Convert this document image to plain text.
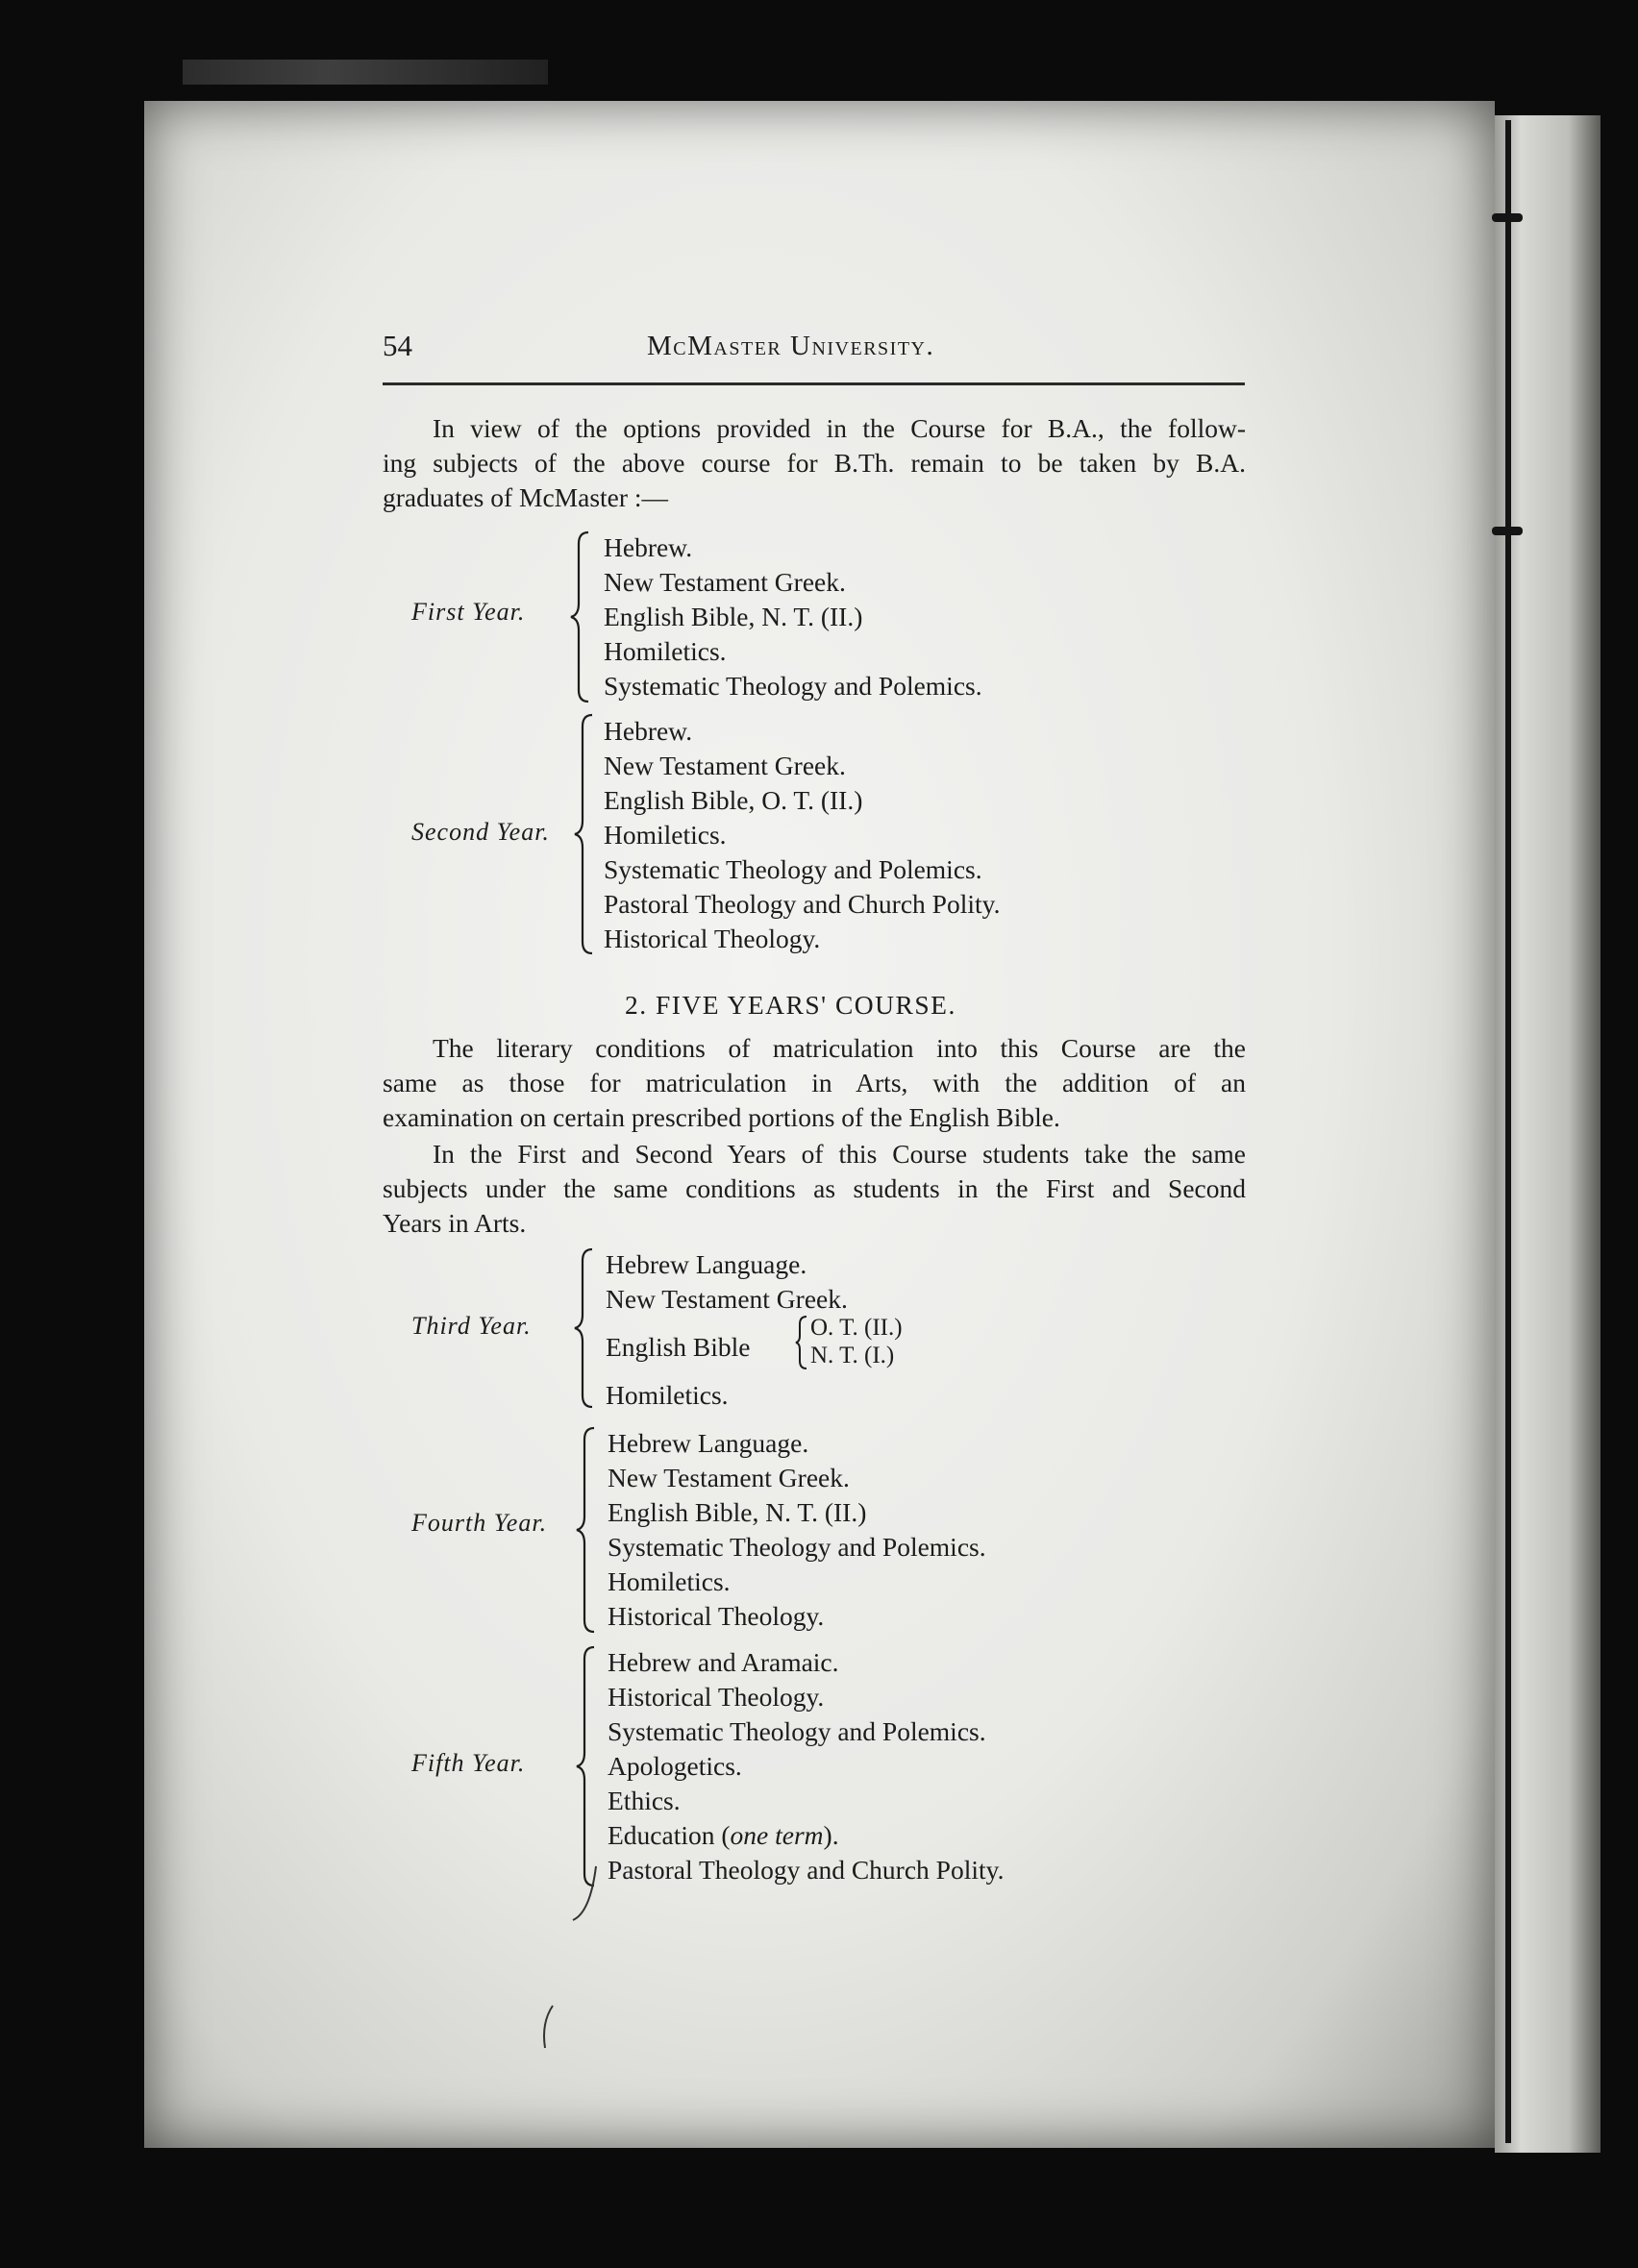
54	McMaster University.
In view of the options provided in the Course for B.A., the follow-
ing subjects of the above course for B.Th. remain to be taken by B.A.
graduates of McMaster :—
First Year.
Hebrew.
New Testament Greek.
English Bible, N. T. (II.)
Homiletics.
Systematic Theology and Polemics.
Second Year.
Hebrew.
New Testament Greek.
English Bible, O. T. (II.)
Homiletics.
Systematic Theology and Polemics.
Pastoral Theology and Church Polity.
Historical Theology.
2. FIVE YEARS' COURSE.
The literary conditions of matriculation into this Course are the
same as those for matriculation in Arts, with the addition of an
examination on certain prescribed portions of the English Bible.
In the First and Second Years of this Course students take the same
subjects under the same conditions as students in the First and Second
Years in Arts.
Third Year.
Hebrew Language.
New Testament Greek.
English Bible
Homiletics.
O. T. (II.)
N. T. (I.)
Fourth Year.
Hebrew Language.
New Testament Greek.
English Bible, N. T. (II.)
Systematic Theology and Polemics.
Homiletics.
Historical Theology.
Fifth Year.
Hebrew and Aramaic.
Historical Theology.
Systematic Theology and Polemics.
Apologetics.
Ethics.
Education (one term).
Pastoral Theology and Church Polity.
